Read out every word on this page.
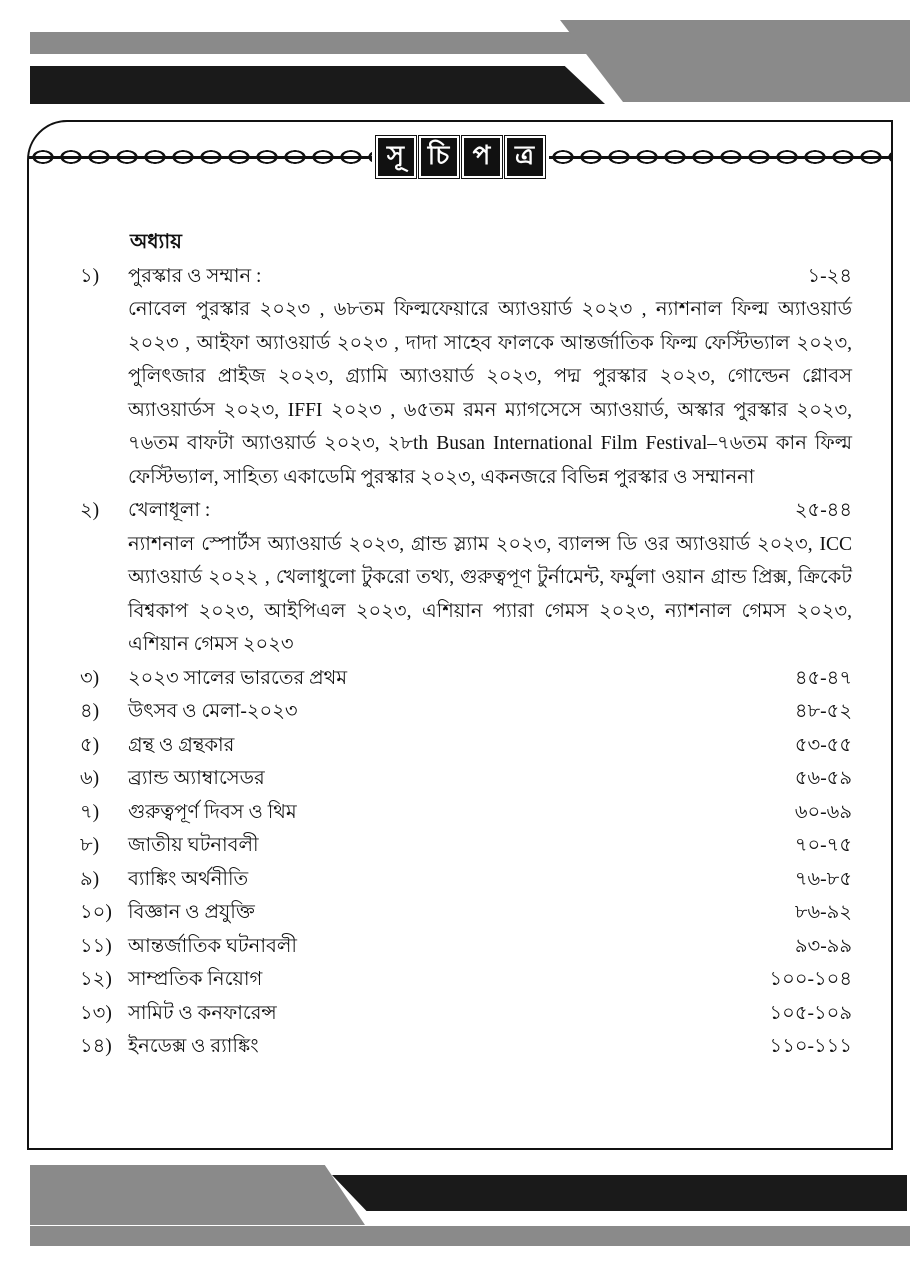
সূ চি প ত্র
অধ্যায়
১)	পুরস্কার ও সম্মান :	১-২৪
নোবেল পুরস্কার ২০২৩ , ৬৮তম ফিল্মফেয়ারে অ্যাওয়ার্ড ২০২৩ , ন্যাশনাল ফিল্ম অ্যাওয়ার্ড ২০২৩ , আইফা অ্যাওয়ার্ড ২০২৩ , দাদা সাহেব ফালকে আন্তর্জাতিক ফিল্ম ফেস্টিভ্যাল ২০২৩, পুলিৎজার প্রাইজ ২০২৩, গ্র্যামি অ্যাওয়ার্ড ২০২৩, পদ্ম পুরস্কার ২০২৩, গোল্ডেন গ্লোবস অ্যাওয়ার্ডস ২০২৩, IFFI ২০২৩ , ৬৫তম রমন ম্যাগসেসে অ্যাওয়ার্ড, অস্কার পুরস্কার ২০২৩, ৭৬তম বাফটা অ্যাওয়ার্ড ২০২৩, ২৮th Busan International Film Festival–৭৬তম কান ফিল্ম ফেস্টিভ্যাল, সাহিত্য একাডেমি পুরস্কার ২০২৩, একনজরে বিভিন্ন পুরস্কার ও সম্মাননা
২)	খেলাধূলা :	২৫-৪৪
ন্যাশনাল স্পোর্টস অ্যাওয়ার্ড ২০২৩, গ্রান্ড স্ল্যাম ২০২৩, ব্যালন্স ডি ওর অ্যাওয়ার্ড ২০২৩, ICC অ্যাওয়ার্ড ২০২২ , খেলাধুলো টুকরো তথ্য, গুরুত্বপূণ টুর্নামেন্ট, ফর্মুলা ওয়ান গ্রান্ড প্রিক্স, ক্রিকেট বিশ্বকাপ ২০২৩, আইপিএল ২০২৩, এশিয়ান প্যারা গেমস ২০২৩, ন্যাশনাল গেমস ২০২৩, এশিয়ান গেমস ২০২৩
৩)	২০২৩ সালের ভারতের প্রথম	৪৫-৪৭
৪)	উৎসব ও মেলা-২০২৩	৪৮-৫২
৫)	গ্রন্থ ও গ্রন্থকার	৫৩-৫৫
৬)	ব্র্যান্ড অ্যাম্বাসেডর	৫৬-৫৯
৭)	গুরুত্বপূর্ণ দিবস ও থিম	৬০-৬৯
৮)	জাতীয় ঘটনাবলী	৭০-৭৫
৯)	ব্যাঙ্কিং অর্থনীতি	৭৬-৮৫
১০) বিজ্ঞান ও প্রযুক্তি	৮৬-৯২
১১) আন্তর্জাতিক ঘটনাবলী	৯৩-৯৯
১২) সাম্প্রতিক নিয়োগ	১০০-১০৪
১৩) সামিট ও কনফারেন্স	১০৫-১০৯
১৪) ইনডেক্স ও র‍্যাঙ্কিং	১১০-১১১
